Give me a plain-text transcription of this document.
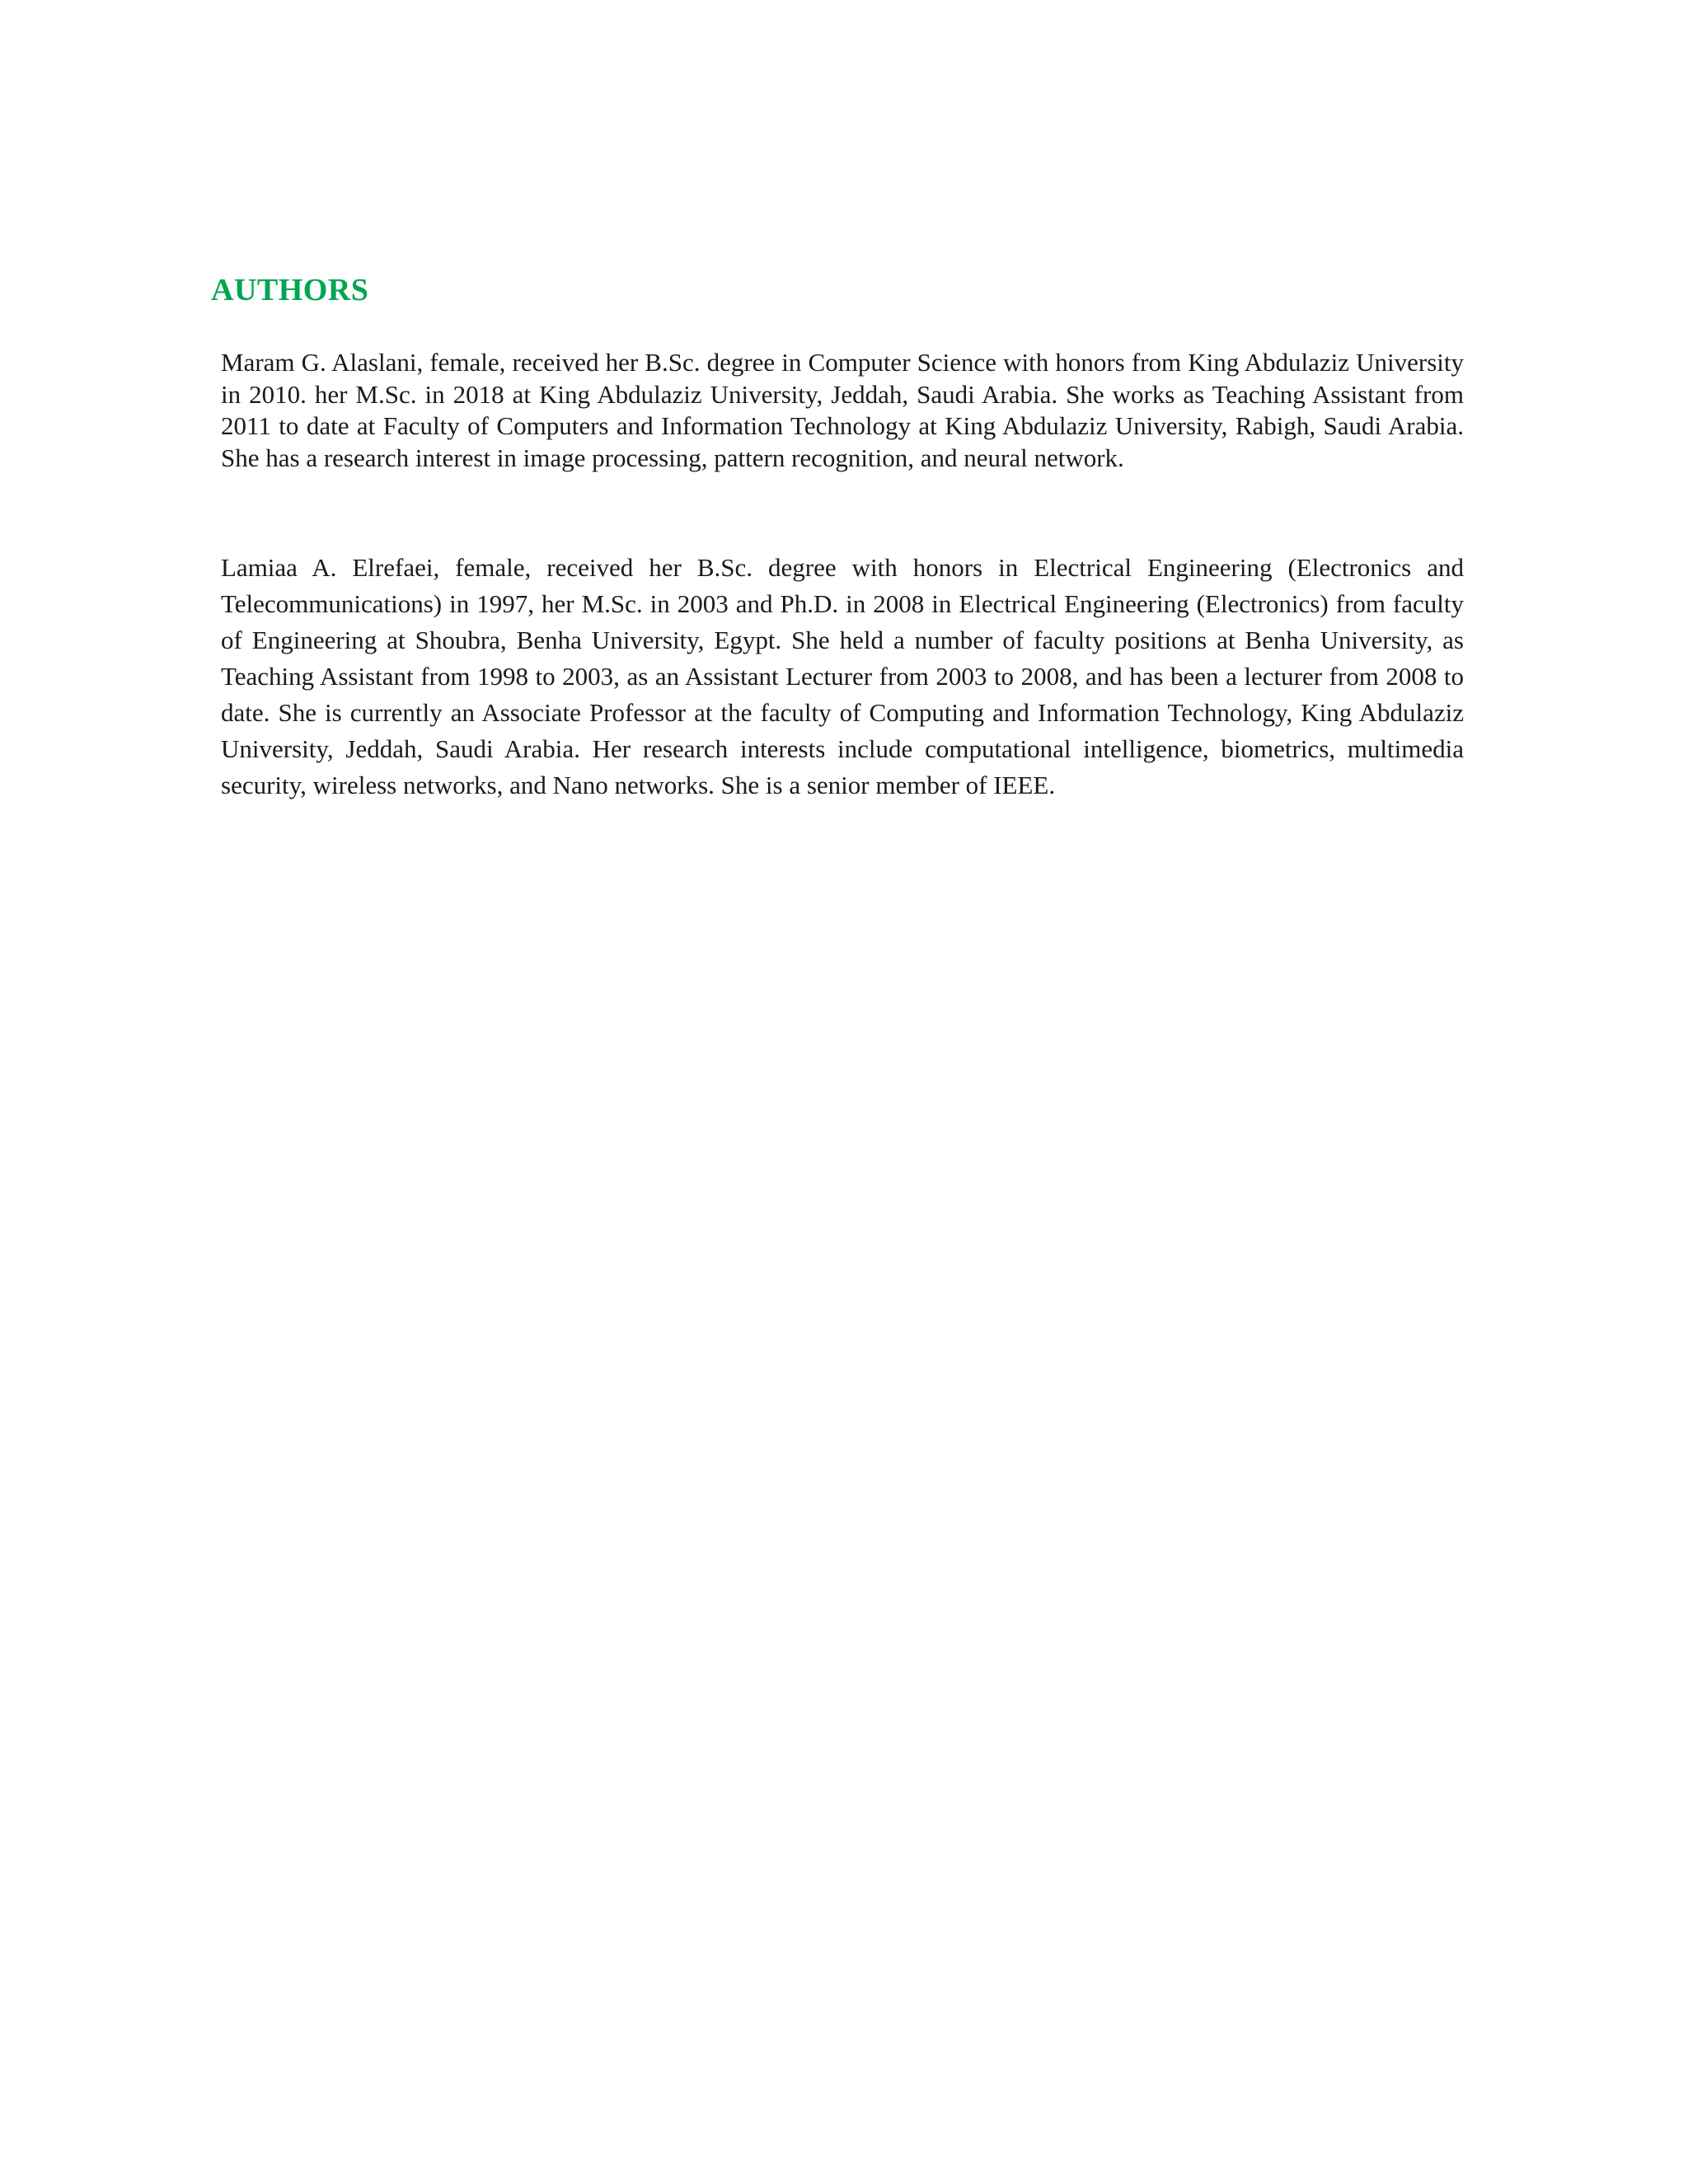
AUTHORS

Maram G. Alaslani, female, received her B.Sc. degree in Computer Science with honors from King Abdulaziz University in 2010. her M.Sc. in 2018 at King Abdulaziz University, Jeddah, Saudi Arabia. She works as Teaching Assistant from 2011 to date at Faculty of Computers and Information Technology at King Abdulaziz University, Rabigh, Saudi Arabia. She has a research interest in image processing, pattern recognition, and neural network.

Lamiaa A. Elrefaei, female, received her B.Sc. degree with honors in Electrical Engineering (Electronics and Telecommunications) in 1997, her M.Sc. in 2003 and Ph.D. in 2008 in Electrical Engineering (Electronics) from faculty of Engineering at Shoubra, Benha University, Egypt. She held a number of faculty positions at Benha University, as Teaching Assistant from 1998 to 2003, as an Assistant Lecturer from 2003 to 2008, and has been a lecturer from 2008 to date. She is currently an Associate Professor at the faculty of Computing and Information Technology, King Abdulaziz University, Jeddah, Saudi Arabia. Her research interests include computational intelligence, biometrics, multimedia security, wireless networks, and Nano networks. She is a senior member of IEEE.
